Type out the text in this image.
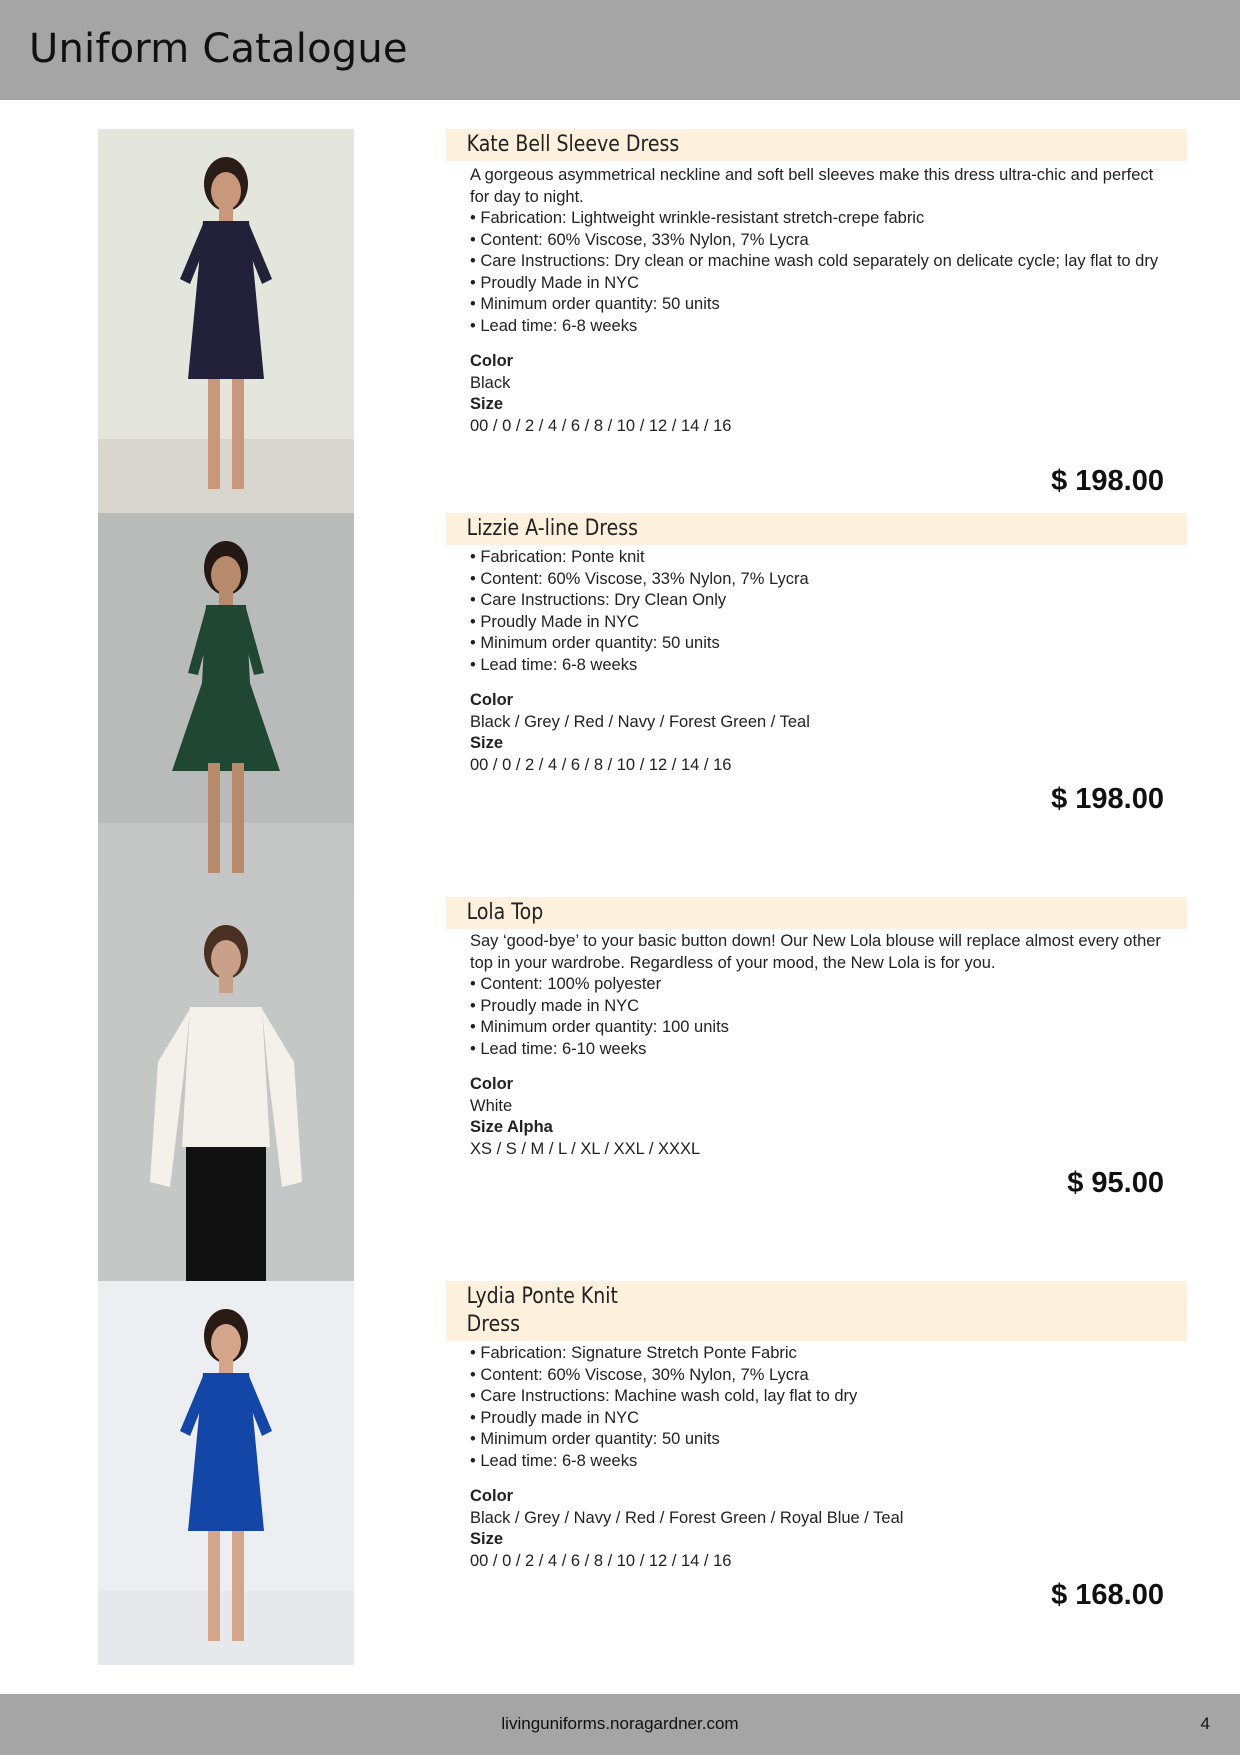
Uniform Catalogue
Kate Bell Sleeve Dress

A gorgeous asymmetrical neckline and soft bell sleeves make this dress ultra-chic and perfect for day to night.

• Fabrication: Lightweight wrinkle-resistant stretch-crepe fabric
• Content: 60% Viscose, 33% Nylon, 7% Lycra
• Care Instructions: Dry clean or machine wash cold separately on delicate cycle; lay flat to dry
• Proudly Made in NYC
• Minimum order quantity: 50 units
• Lead time: 6-8 weeks
Color
Black
Size
00 / 0 / 2 / 4 / 6 / 8 / 10 / 12 / 14 / 16
$ 198.00
Lizzie A-line Dress
• Fabrication: Ponte knit
• Content: 60% Viscose, 33% Nylon, 7% Lycra
• Care Instructions: Dry Clean Only
• Proudly Made in NYC
• Minimum order quantity: 50 units
• Lead time: 6-8 weeks
Color
Black / Grey / Red / Navy / Forest Green / Teal
Size
00 / 0 / 2 / 4 / 6 / 8 / 10 / 12 / 14 / 16
$ 198.00
Lola Top

Say ‘good-bye’ to your basic button down! Our New Lola blouse will replace almost every other top in your wardrobe. Regardless of your mood, the New Lola is for you.

• Content: 100% polyester
• Proudly made in NYC
• Minimum order quantity: 100 units
• Lead time: 6-10 weeks
Color
White
Size Alpha
XS / S / M / L / XL / XXL / XXXL
$ 95.00
Lydia Ponte Knit Dress
• Fabrication: Signature Stretch Ponte Fabric
• Content: 60% Viscose, 30% Nylon, 7% Lycra
• Care Instructions: Machine wash cold, lay flat to dry
• Proudly made in NYC
• Minimum order quantity: 50 units
• Lead time: 6-8 weeks
Color
Black / Grey / Navy / Red / Forest Green / Royal Blue / Teal
Size
00 / 0 / 2 / 4 / 6 / 8 / 10 / 12 / 14 / 16
$ 168.00
livinguniforms.noragardner.com	4
